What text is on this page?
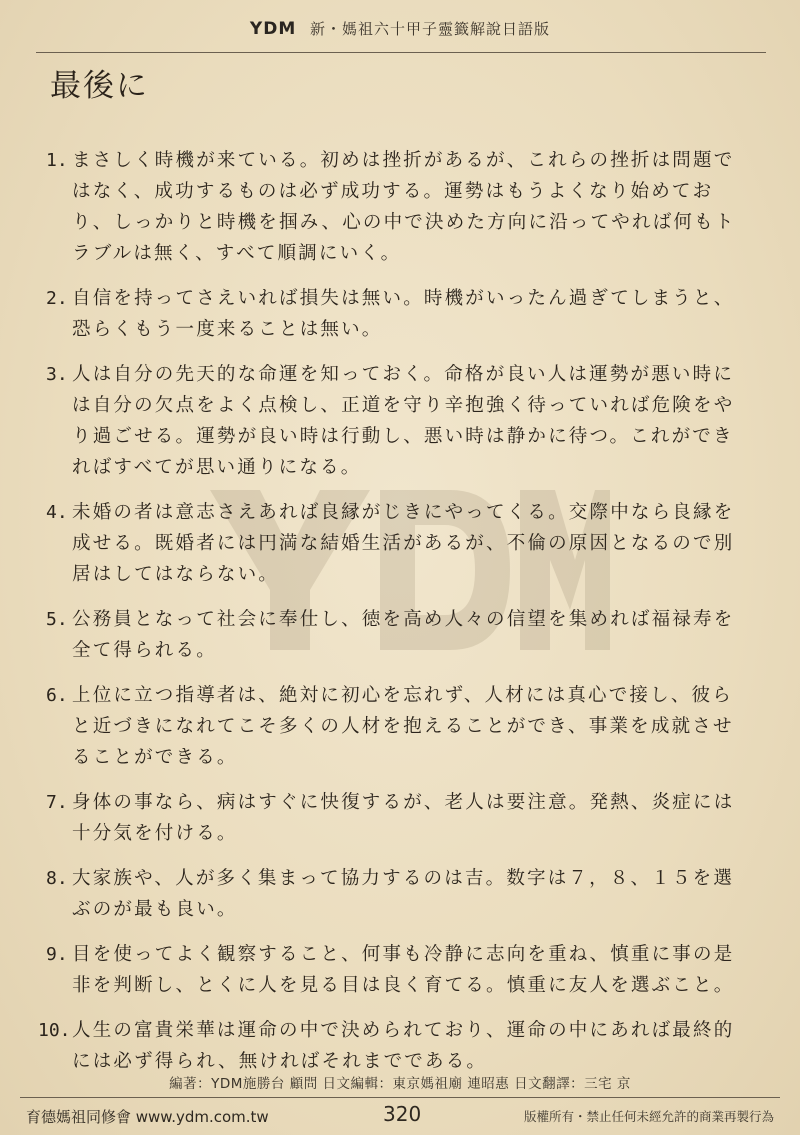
YDM 新・媽祖六十甲子靈籤解說日語版
最後に
1. まさしく時機が来ている。初めは挫折があるが、これらの挫折は問題ではなく、成功するものは必ず成功する。運勢はもうよくなり始めており、しっかりと時機を掴み、心の中で決めた方向に沿ってやれば何もトラブルは無く、すべて順調にいく。
2. 自信を持ってさえいれば損失は無い。時機がいったん過ぎてしまうと、恐らくもう一度来ることは無い。
3. 人は自分の先天的な命運を知っておく。命格が良い人は運勢が悪い時には自分の欠点をよく点検し、正道を守り辛抱強く待っていれば危険をやり過ごせる。運勢が良い時は行動し、悪い時は静かに待つ。これができればすべてが思い通りになる。
4. 未婚の者は意志さえあれば良縁がじきにやってくる。交際中なら良縁を成せる。既婚者には円満な結婚生活があるが、不倫の原因となるので別居はしてはならない。
5. 公務員となって社会に奉仕し、徳を高め人々の信望を集めれば福禄寿を全て得られる。
6. 上位に立つ指導者は、絶対に初心を忘れず、人材には真心で接し、彼らと近づきになれてこそ多くの人材を抱えることができ、事業を成就させることができる。
7. 身体の事なら、病はすぐに快復するが、老人は要注意。発熱、炎症には十分気を付ける。
8. 大家族や、人が多く集まって協力するのは吉。数字は７，８、１５を選ぶのが最も良い。
9. 目を使ってよく観察すること、何事も冷静に志向を重ね、慎重に事の是非を判断し、とくに人を見る目は良く育てる。慎重に友人を選ぶこと。
10. 人生の富貴栄華は運命の中で決められており、運命の中にあれば最終的には必ず得られ、無ければそれまでである。
編著：YDM施勝台 顧問 日文編輯：東京媽祖廟 連昭惠 日文翻譯：三宅 京
育德媽祖同修會 www.ydm.com.tw	320	版權所有・禁止任何未經允許的商業再製行為
